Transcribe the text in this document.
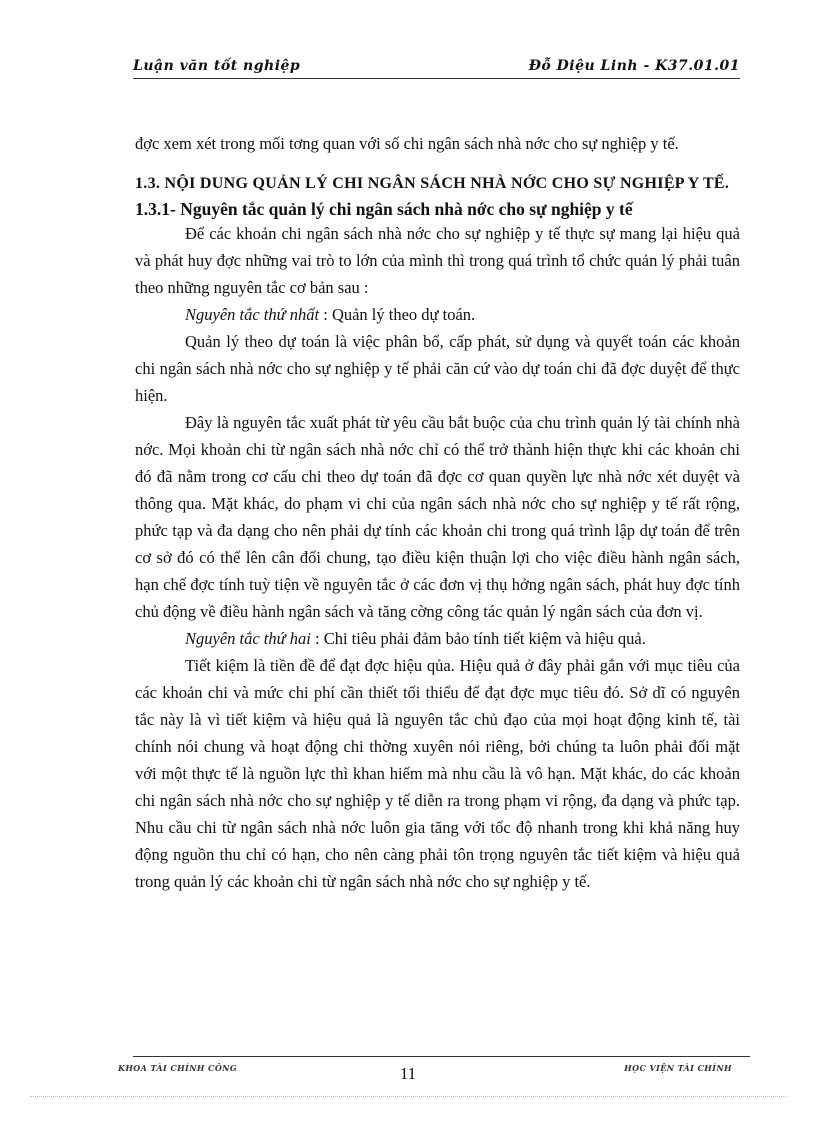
Luận văn tốt nghiệp	Đỗ Diệu Linh - K37.01.01

đợc xem xét trong mối tơng quan với số chi ngân sách nhà nớc cho sự nghiệp y tế.

1.3. NỘI DUNG QUẢN LÝ CHI NGÂN SÁCH NHÀ NỚC CHO SỰ NGHIỆP Y TẾ.

1.3.1- Nguyên tắc quản lý chi ngân sách nhà nớc cho sự nghiệp y tế

Để các khoản chi ngân sách nhà nớc cho sự nghiệp y tế thực sự mang lại hiệu quả và phát huy đợc những vai trò to lớn của mình thì trong quá trình tổ chức quản lý phải tuân theo những nguyên tắc cơ bản sau :

Nguyên tắc thứ nhất : Quản lý theo dự toán.

Quản lý theo dự toán là việc phân bổ, cấp phát, sử dụng và quyết toán các khoản chi ngân sách nhà nớc cho sự nghiệp y tế phải căn cứ vào dự toán chi đã đợc duyệt để thực hiện.

Đây là nguyên tắc xuất phát từ yêu cầu bắt buộc của chu trình quản lý tài chính nhà nớc. Mọi khoản chi từ ngân sách nhà nớc chỉ có thể trở thành hiện thực khi các khoản chi đó đã nằm trong cơ cấu chi theo dự toán đã đợc cơ quan quyền lực nhà nớc xét duyệt và thông qua. Mặt khác, do phạm vi chi của ngân sách nhà nớc cho sự nghiệp y tế rất rộng, phức tạp và đa dạng cho nên phải dự tính các khoản chi trong quá trình lập dự toán để trên cơ sở đó có thể lên cân đối chung, tạo điều kiện thuận lợi cho việc điều hành ngân sách, hạn chế đợc tính tuỳ tiện về nguyên tắc ở các đơn vị thụ hởng ngân sách, phát huy đợc tính chủ động về điều hành ngân sách và tăng cờng công tác quản lý ngân sách của đơn vị.

Nguyên tắc thứ hai : Chi tiêu phải đảm bảo tính tiết kiệm và hiệu quả.

Tiết kiệm là tiền đề để đạt đợc hiệu qủa. Hiệu quả ở đây phải gắn với mục tiêu của các khoản chi và mức chi phí cần thiết tối thiểu để đạt đợc mục tiêu đó. Sở dĩ có nguyên tắc này là vì tiết kiệm và hiệu quả là nguyên tắc chủ đạo của mọi hoạt động kinh tế, tài chính nói chung và hoạt động chi thờng xuyên nói riêng, bởi chúng ta luôn phải đối mặt với một thực tế là nguồn lực thì khan hiếm mà nhu cầu là vô hạn. Mặt khác, do các khoản chi ngân sách nhà nớc cho sự nghiệp y tế diễn ra trong phạm vi rộng, đa dạng và phức tạp. Nhu cầu chi từ ngân sách nhà nớc luôn gia tăng với tốc độ nhanh trong khi khả năng huy động nguồn thu chỉ có hạn, cho nên càng phải tôn trọng nguyên tắc tiết kiệm và hiệu quả trong quản lý các khoản chi từ ngân sách nhà nớc cho sự nghiệp y tế.

KHOA TÀI CHÍNH CÔNG	11	HỌC VIỆN TÀI CHÍNH
